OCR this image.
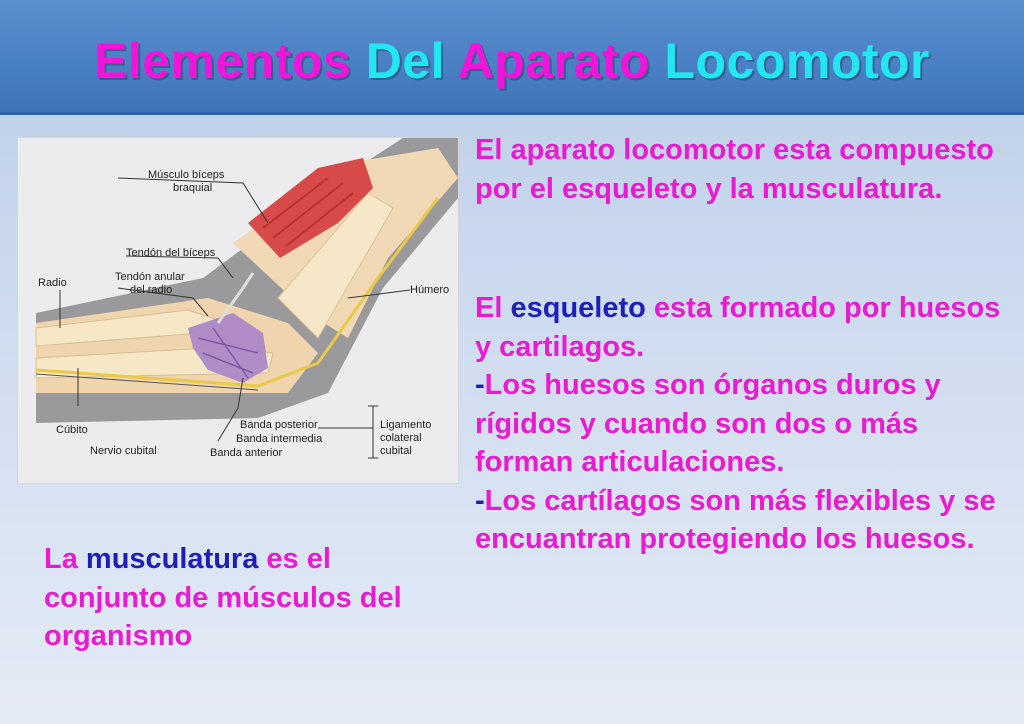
Elementos Del Aparato Locomotor
Músculo bíceps
braquial
Tendón del bíceps
Tendón anular
del radio
Radio
Húmero
Cúbito
Nervio cubital
Banda posterior
Banda intermedia
Banda anterior
Ligamento
colateral
cubital
El aparato locomotor esta compuesto por el esqueleto y la musculatura.
El esqueleto esta formado por huesos y cartilagos.
-Los huesos son órganos duros y rígidos y cuando son dos o más forman articulaciones.
-Los cartílagos son más flexibles y se encuantran protegiendo los huesos.
La musculatura es el conjunto de músculos del organismo
